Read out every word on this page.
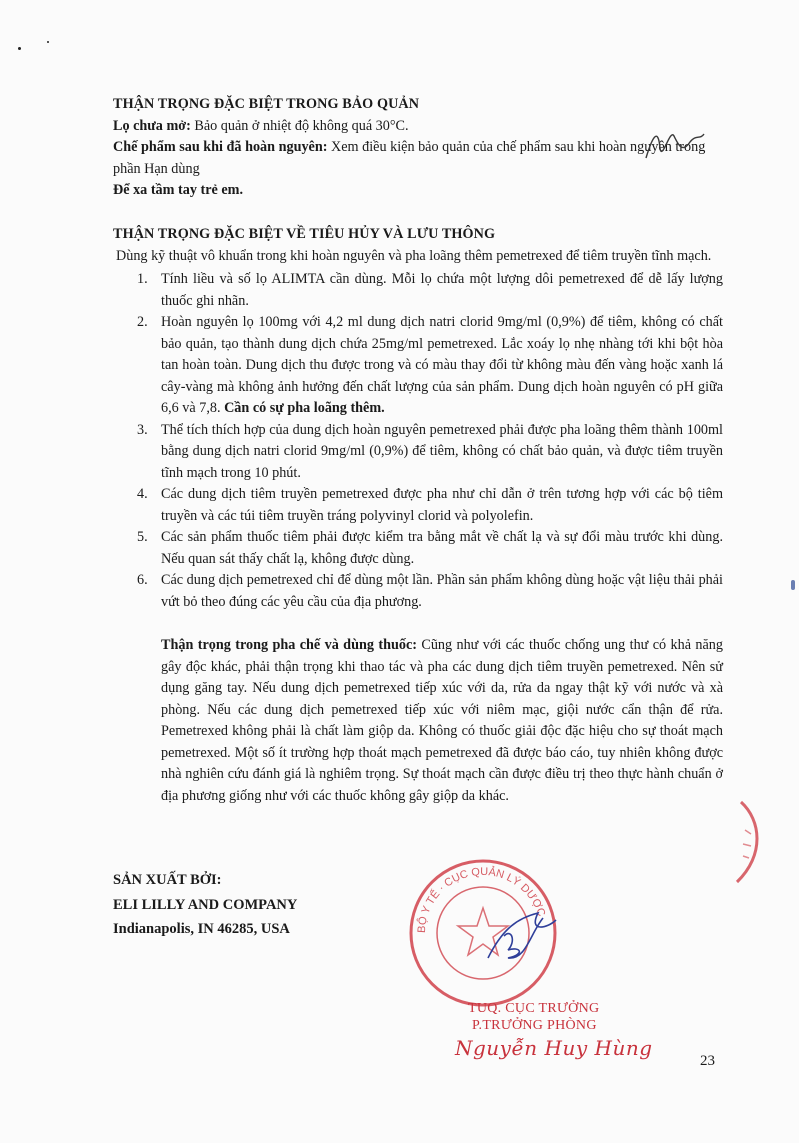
THẬN TRỌNG ĐẶC BIỆT TRONG BẢO QUẢN

Lọ chưa mở: Bảo quản ở nhiệt độ không quá 30°C.

Chế phẩm sau khi đã hoàn nguyên: Xem điều kiện bảo quản của chế phẩm sau khi hoàn nguyên trong phần Hạn dùng

Để xa tầm tay trẻ em.

THẬN TRỌNG ĐẶC BIỆT VỀ TIÊU HỦY VÀ LƯU THÔNG

Dùng kỹ thuật vô khuẩn trong khi hoàn nguyên và pha loãng thêm pemetrexed để tiêm truyền tĩnh mạch.

1. Tính liều và số lọ ALIMTA cần dùng. Mỗi lọ chứa một lượng dôi pemetrexed để dễ lấy lượng thuốc ghi nhãn.
2. Hoàn nguyên lọ 100mg với 4,2 ml dung dịch natri clorid 9mg/ml (0,9%) để tiêm, không có chất bảo quản, tạo thành dung dịch chứa 25mg/ml pemetrexed. Lắc xoáy lọ nhẹ nhàng tới khi bột hòa tan hoàn toàn. Dung dịch thu được trong và có màu thay đổi từ không màu đến vàng hoặc xanh lá cây-vàng mà không ảnh hưởng đến chất lượng của sản phẩm. Dung dịch hoàn nguyên có pH giữa 6,6 và 7,8. Cần có sự pha loãng thêm.
3. Thể tích thích hợp của dung dịch hoàn nguyên pemetrexed phải được pha loãng thêm thành 100ml bằng dung dịch natri clorid 9mg/ml (0,9%) để tiêm, không có chất bảo quản, và được tiêm truyền tĩnh mạch trong 10 phút.
4. Các dung dịch tiêm truyền pemetrexed được pha như chỉ dẫn ở trên tương hợp với các bộ tiêm truyền và các túi tiêm truyền tráng polyvinyl clorid và polyolefin.
5. Các sản phẩm thuốc tiêm phải được kiểm tra bằng mắt về chất lạ và sự đổi màu trước khi dùng. Nếu quan sát thấy chất lạ, không được dùng.
6. Các dung dịch pemetrexed chỉ để dùng một lần. Phần sản phẩm không dùng hoặc vật liệu thải phải vứt bỏ theo đúng các yêu cầu của địa phương.

Thận trọng trong pha chế và dùng thuốc: Cũng như với các thuốc chống ung thư có khả năng gây độc khác, phải thận trọng khi thao tác và pha các dung dịch tiêm truyền pemetrexed. Nên sử dụng găng tay. Nếu dung dịch pemetrexed tiếp xúc với da, rửa da ngay thật kỹ với nước và xà phòng. Nếu các dung dịch pemetrexed tiếp xúc với niêm mạc, giội nước cẩn thận để rửa. Pemetrexed không phải là chất làm giộp da. Không có thuốc giải độc đặc hiệu cho sự thoát mạch pemetrexed. Một số ít trường hợp thoát mạch pemetrexed đã được báo cáo, tuy nhiên không được nhà nghiên cứu đánh giá là nghiêm trọng. Sự thoát mạch cần được điều trị theo thực hành chuẩn ở địa phương giống như với các thuốc không gây giộp da khác.

SẢN XUẤT BỞI:
ELI LILLY AND COMPANY
Indianapolis, IN 46285, USA	BỘ Y TẾ · CỤC QUẢN LÝ DƯỢC
TUQ. CỤC TRƯỞNG
P.TRƯỞNG PHÒNG
Nguyễn Huy Hùng
23
